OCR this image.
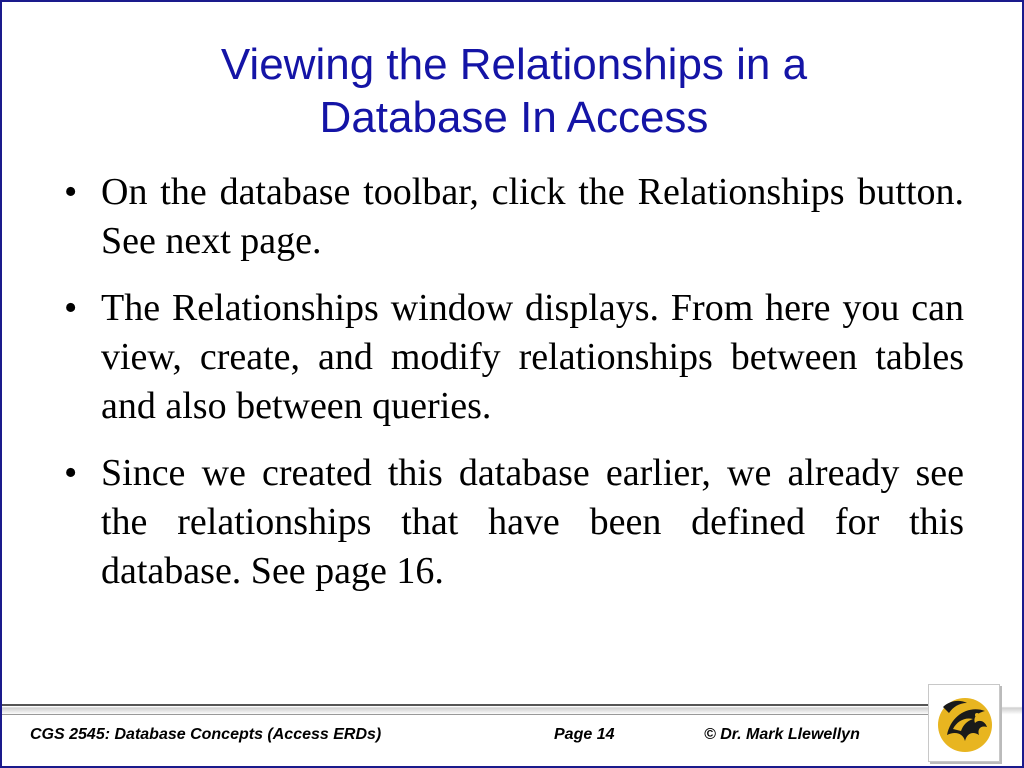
Viewing the Relationships in a
Database In Access
• On the database toolbar, click the Relationships button. See next page.
• The Relationships window displays. From here you can view, create, and modify relationships between tables and also between queries.
• Since we created this database earlier, we already see the relationships that have been defined for this database. See page 16.
CGS 2545: Database Concepts (Access ERDs)	Page 14	© Dr. Mark Llewellyn
